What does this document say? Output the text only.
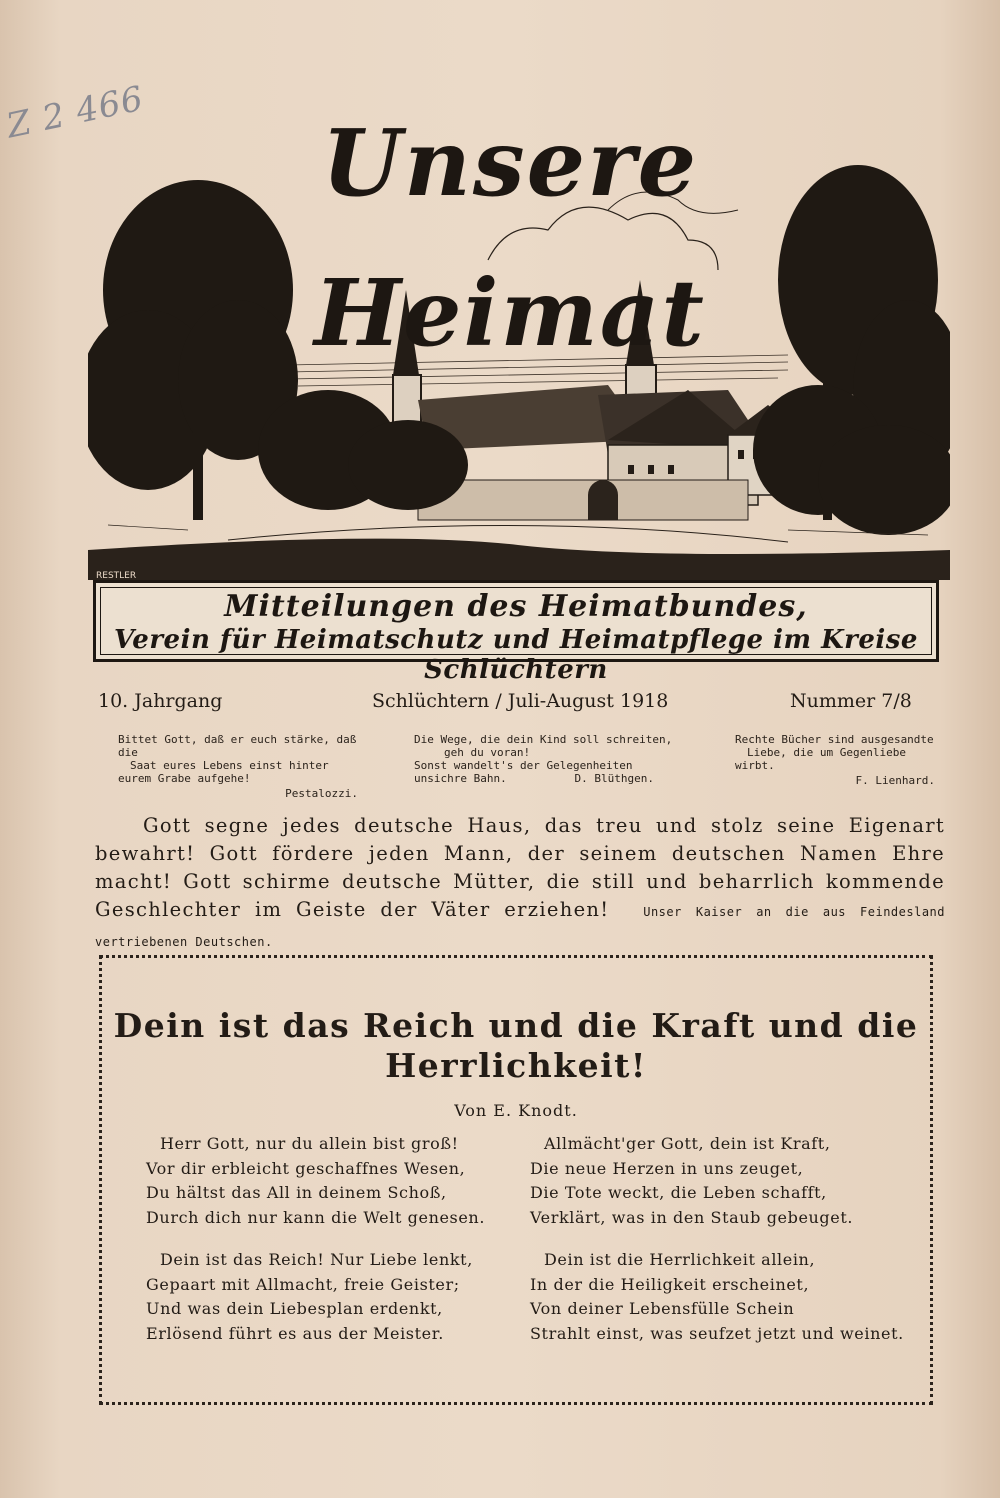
Z 2 466
RESTLER
Unsere Heimat
Mitteilungen des Heimatbundes,
Verein für Heimatschutz und Heimatpflege im Kreise Schlüchtern
10. Jahrgang	Schlüchtern / Juli-August 1918	Nummer 7/8
Bittet Gott, daß er euch stärke, daß die
Saat eures Lebens einst hinter
eurem Grabe aufgehe!
Pestalozzi.
Die Wege, die dein Kind soll schreiten,
geh du voran!
Sonst wandelt's der Gelegenheiten
unsichre Bahn.	D. Blüthgen.
Rechte Bücher sind ausgesandte
Liebe, die um Gegenliebe
wirbt.
F. Lienhard.
Gott segne jedes deutsche Haus, das treu und stolz seine Eigenart bewahrt! Gott fördere jeden Mann, der seinem deutschen Namen Ehre macht! Gott schirme deutsche Mütter, die still und beharrlich kommende Geschlechter im Geiste der Väter erziehen!	Unser Kaiser an die aus Feindesland vertriebenen Deutschen.
Dein ist das Reich und die Kraft und die
Herrlichkeit!
Von E. Knodt.
Herr Gott, nur du allein bist groß!
Vor dir erbleicht geschaffnes Wesen,
Du hältst das All in deinem Schoß,
Durch dich nur kann die Welt genesen.
Allmächt'ger Gott, dein ist Kraft,
Die neue Herzen in uns zeuget,
Die Tote weckt, die Leben schafft,
Verklärt, was in den Staub gebeuget.
Dein ist das Reich! Nur Liebe lenkt,
Gepaart mit Allmacht, freie Geister;
Und was dein Liebesplan erdenkt,
Erlösend führt es aus der Meister.
Dein ist die Herrlichkeit allein,
In der die Heiligkeit erscheinet,
Von deiner Lebensfülle Schein
Strahlt einst, was seufzet jetzt und weinet.
